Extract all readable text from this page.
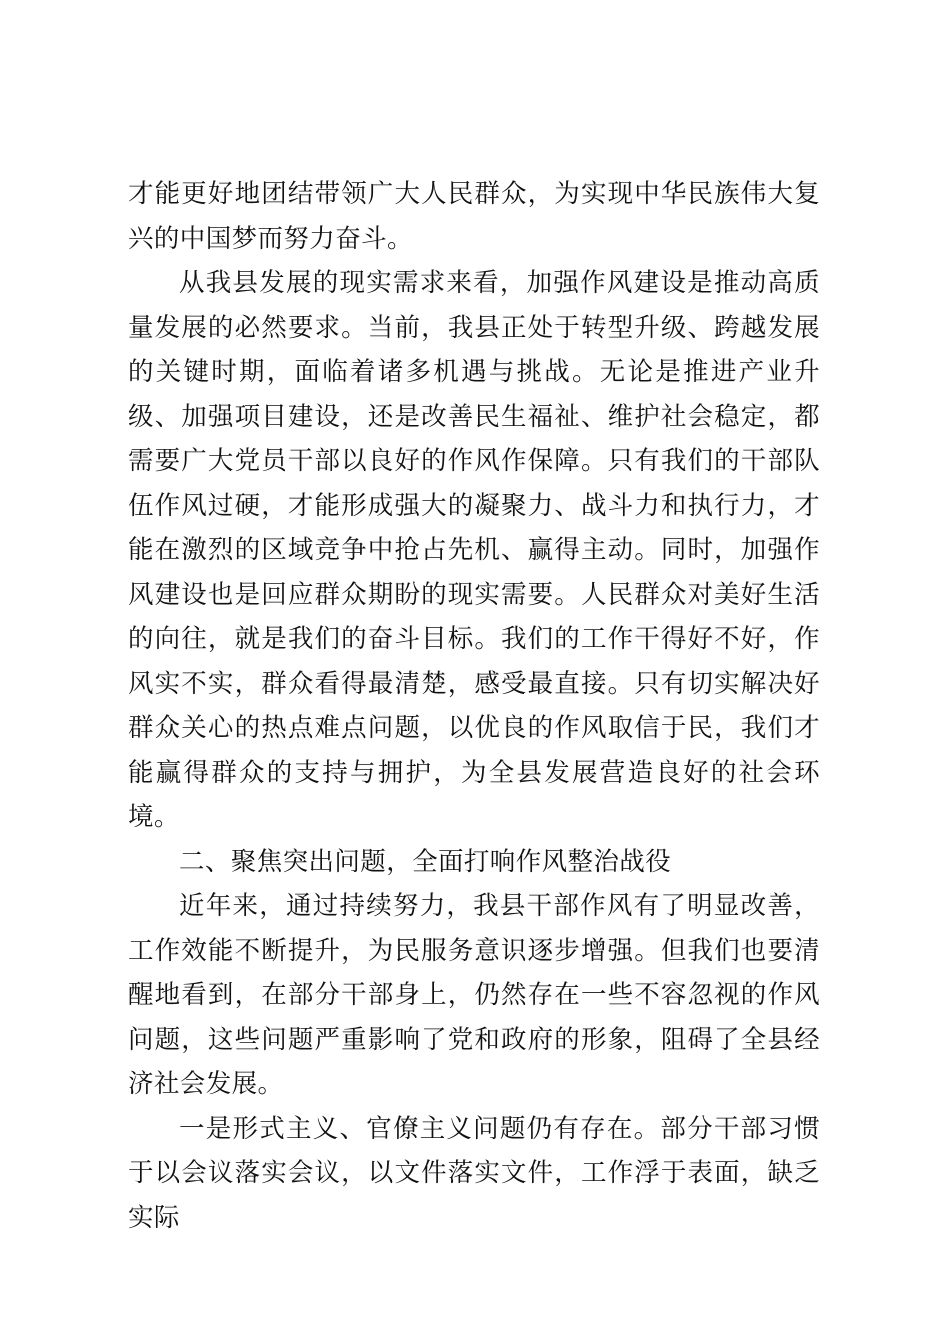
才能更好地团结带领广大人民群众，为实现中华民族伟大复兴的中国梦而努力奋斗。

从我县发展的现实需求来看，加强作风建设是推动高质量发展的必然要求。当前，我县正处于转型升级、跨越发展的关键时期，面临着诸多机遇与挑战。无论是推进产业升级、加强项目建设，还是改善民生福祉、维护社会稳定，都需要广大党员干部以良好的作风作保障。只有我们的干部队伍作风过硬，才能形成强大的凝聚力、战斗力和执行力，才能在激烈的区域竞争中抢占先机、赢得主动。同时，加强作风建设也是回应群众期盼的现实需要。人民群众对美好生活的向往，就是我们的奋斗目标。我们的工作干得好不好，作风实不实，群众看得最清楚，感受最直接。只有切实解决好群众关心的热点难点问题，以优良的作风取信于民，我们才能赢得群众的支持与拥护，为全县发展营造良好的社会环境。

二、聚焦突出问题，全面打响作风整治战役

近年来，通过持续努力，我县干部作风有了明显改善，工作效能不断提升，为民服务意识逐步增强。但我们也要清醒地看到，在部分干部身上，仍然存在一些不容忽视的作风问题，这些问题严重影响了党和政府的形象，阻碍了全县经济社会发展。

一是形式主义、官僚主义问题仍有存在。部分干部习惯于以会议落实会议，以文件落实文件，工作浮于表面，缺乏实际
